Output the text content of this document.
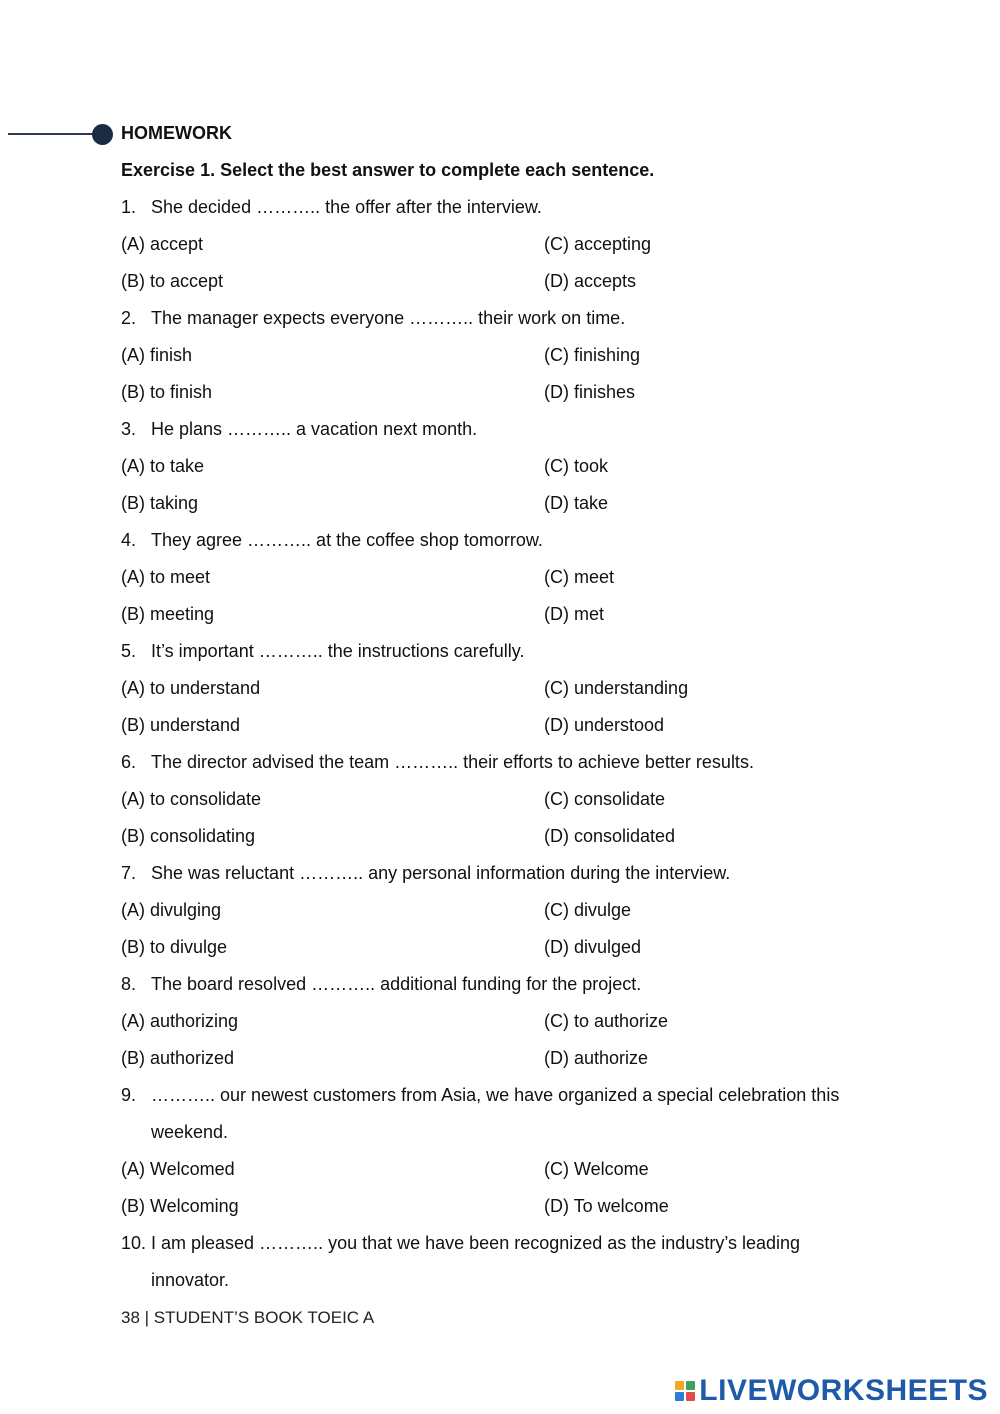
HOMEWORK
Exercise 1. Select the best answer to complete each sentence.
1. She decided ……….. the offer after the interview.
(A) accept	(C) accepting
(B) to accept	(D) accepts
2. The manager expects everyone ……….. their work on time.
(A) finish	(C) finishing
(B) to finish	(D) finishes
3. He plans ……….. a vacation next month.
(A) to take	(C) took
(B) taking	(D) take
4. They agree ……….. at the coffee shop tomorrow.
(A) to meet	(C) meet
(B) meeting	(D) met
5. It’s important ……….. the instructions carefully.
(A) to understand	(C) understanding
(B) understand	(D) understood
6. The director advised the team ……….. their efforts to achieve better results.
(A) to consolidate	(C) consolidate
(B) consolidating	(D) consolidated
7. She was reluctant ……….. any personal information during the interview.
(A) divulging	(C) divulge
(B) to divulge	(D) divulged
8. The board resolved ……….. additional funding for the project.
(A) authorizing	(C) to authorize
(B) authorized	(D) authorize
9. ……….. our newest customers from Asia, we have organized a special celebration this
weekend.
(A) Welcomed	(C) Welcome
(B) Welcoming	(D) To welcome
10. I am pleased ……….. you that we have been recognized as the industry’s leading
innovator.
38 | STUDENT’S BOOK TOEIC A
LIVEWORKSHEETS
